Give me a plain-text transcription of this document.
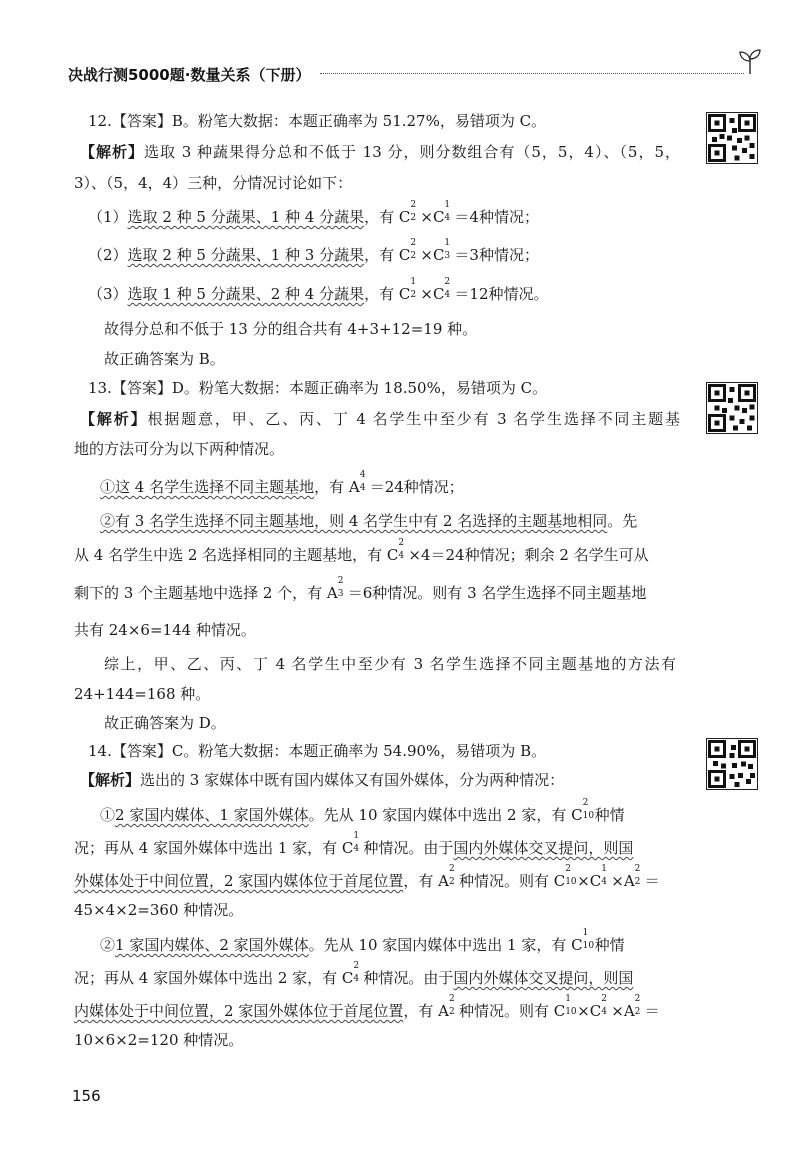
决战行测5000题·数量关系（下册）
12.【答案】B。粉笔大数据：本题正确率为 51.27%，易错项为 C。
【解析】选取 3 种蔬果得分总和不低于 13 分，则分数组合有（5，5，4）、（5，5，
3）、（5，4，4）三种，分情况讨论如下：
（1）选取 2 种 5 分蔬果、1 种 4 分蔬果，有 C
2
2 ×C
1
4 ＝4种情况；
（2）选取 2 种 5 分蔬果、1 种 3 分蔬果，有 C
2
2 ×C
1
3 ＝3种情况；
（3）选取 1 种 5 分蔬果、2 种 4 分蔬果，有 C
1
2 ×C
2
4 ＝12种情况。
故得分总和不低于 13 分的组合共有 4+3+12=19 种。
故正确答案为 B。
13.【答案】D。粉笔大数据：本题正确率为 18.50%，易错项为 C。
【解析】根据题意，甲、乙、丙、丁 4 名学生中至少有 3 名学生选择不同主题基
地的方法可分为以下两种情况。
①这 4 名学生选择不同主题基地，有 A
4
4 ＝24种情况；
②有 3 名学生选择不同主题基地，则 4 名学生中有 2 名选择的主题基地相同。先
从 4 名学生中选 2 名选择相同的主题基地，有 C
2
4 ×4＝24种情况；剩余 2 名学生可从
剩下的 3 个主题基地中选择 2 个，有 A
2
3 ＝6种情况。则有 3 名学生选择不同主题基地
共有 24×6=144 种情况。
综上，甲、乙、丙、丁 4 名学生中至少有 3 名学生选择不同主题基地的方法有
24+144=168 种。
故正确答案为 D。
14.【答案】C。粉笔大数据：本题正确率为 54.90%，易错项为 B。
【解析】选出的 3 家媒体中既有国内媒体又有国外媒体，分为两种情况：
①2 家国内媒体、1 家国外媒体。先从 10 家国内媒体中选出 2 家，有 C
2
10 种情
况；再从 4 家国外媒体中选出 1 家，有 C
1
4 种情况。由于国内外媒体交叉提问，则国
外媒体处于中间位置，2 家国内媒体位于首尾位置，有 A
2
2 种情况。则有 C
2
10 ×C
1
4 ×A
2
2 ＝
45×4×2=360 种情况。
②1 家国内媒体、2 家国外媒体。先从 10 家国内媒体中选出 1 家，有 C
1
10 种情
况；再从 4 家国外媒体中选出 2 家，有 C
2
4 种情况。由于国内外媒体交叉提问，则国
内媒体处于中间位置，2 家国外媒体位于首尾位置，有 A
2
2 种情况。则有 C
1
10 ×C
2
4 ×A
2
2 ＝
10×6×2=120 种情况。
156
